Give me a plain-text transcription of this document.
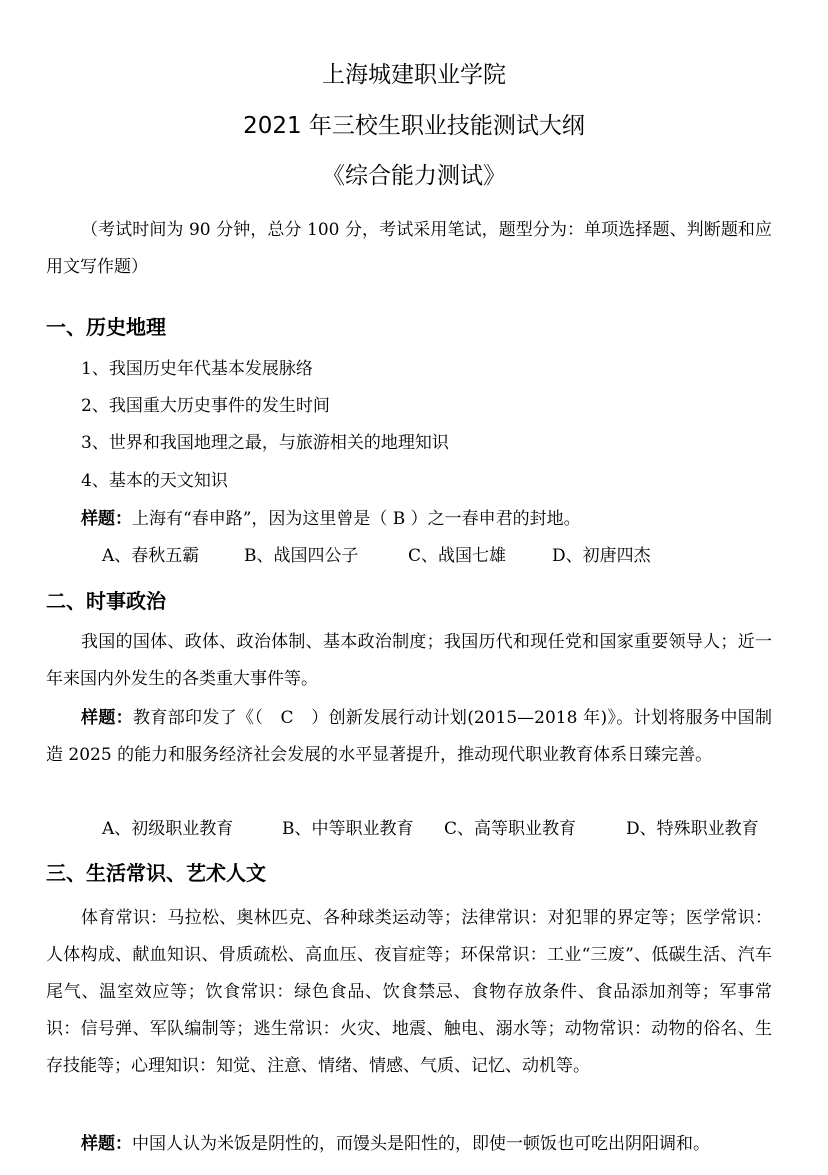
上海城建职业学院
2021 年三校生职业技能测试大纲
《综合能力测试》

（考试时间为 90 分钟，总分 100 分，考试采用笔试，题型分为：单项选择题、判断题和应用文写作题）

一、历史地理
1、我国历史年代基本发展脉络
2、我国重大历史事件的发生时间
3、世界和我国地理之最，与旅游相关的地理知识
4、基本的天文知识
样题：上海有“春申路”，因为这里曾是（ B ）之一春申君的封地。
A、春秋五霸	B、战国四公子	C、战国七雄	D、初唐四杰
二、时事政治

我国的国体、政体、政治体制、基本政治制度；我国历代和现任党和国家重要领导人；近一年来国内外发生的各类重大事件等。

样题：教育部印发了《（　C　）创新发展行动计划(2015—2018 年)》。计划将服务中国制造 2025 的能力和服务经济社会发展的水平显著提升，推动现代职业教育体系日臻完善。

A、初级职业教育	B、中等职业教育 C、高等职业教育	D、特殊职业教育
三、生活常识、艺术人文

体育常识：马拉松、奥林匹克、各种球类运动等；法律常识：对犯罪的界定等；医学常识：人体构成、献血知识、骨质疏松、高血压、夜盲症等；环保常识：工业“三废”、低碳生活、汽车尾气、温室效应等；饮食常识：绿色食品、饮食禁忌、食物存放条件、食品添加剂等；军事常识：信号弹、军队编制等；逃生常识：火灾、地震、触电、溺水等；动物常识：动物的俗名、生存技能等；心理知识：知觉、注意、情绪、情感、气质、记忆、动机等。

样题：中国人认为米饭是阴性的，而馒头是阳性的，即使一顿饭也可吃出阴阳调和。
